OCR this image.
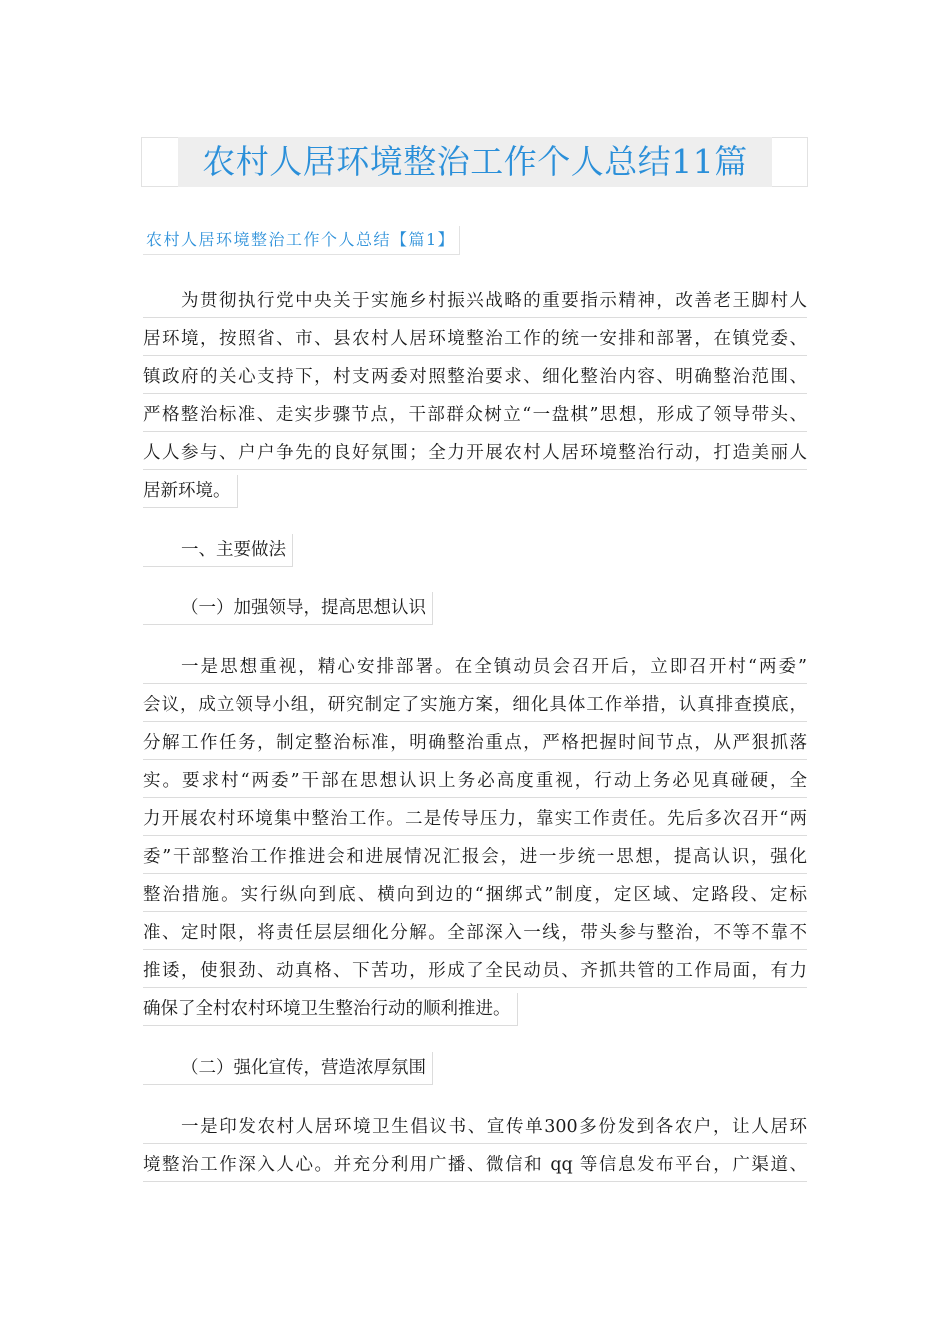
农村人居环境整治工作个人总结11篇
农村人居环境整治工作个人总结【篇1】
为贯彻执行党中央关于实施乡村振兴战略的重要指示精神，改善老王脚村人
居环境，按照省、市、县农村人居环境整治工作的统一安排和部署，在镇党委、
镇政府的关心支持下，村支两委对照整治要求、细化整治内容、明确整治范围、
严格整治标准、走实步骤节点，干部群众树立“一盘棋”思想，形成了领导带头、
人人参与、户户争先的良好氛围；全力开展农村人居环境整治行动，打造美丽人
居新环境。
一、主要做法
（一）加强领导，提高思想认识
一是思想重视，精心安排部署。在全镇动员会召开后，立即召开村“两委”
会议，成立领导小组，研究制定了实施方案，细化具体工作举措，认真排查摸底，
分解工作任务，制定整治标准，明确整治重点，严格把握时间节点，从严狠抓落
实。要求村“两委”干部在思想认识上务必高度重视，行动上务必见真碰硬，全
力开展农村环境集中整治工作。二是传导压力，靠实工作责任。先后多次召开“两
委”干部整治工作推进会和进展情况汇报会，进一步统一思想，提高认识，强化
整治措施。实行纵向到底、横向到边的“捆绑式”制度，定区域、定路段、定标
准、定时限，将责任层层细化分解。全部深入一线，带头参与整治，不等不靠不
推诿，使狠劲、动真格、下苦功，形成了全民动员、齐抓共管的工作局面，有力
确保了全村农村环境卫生整治行动的顺利推进。
（二）强化宣传，营造浓厚氛围
一是印发农村人居环境卫生倡议书、宣传单300多份发到各农户，让人居环
境整治工作深入人心。并充分利用广播、微信和 qq 等信息发布平台，广渠道、
